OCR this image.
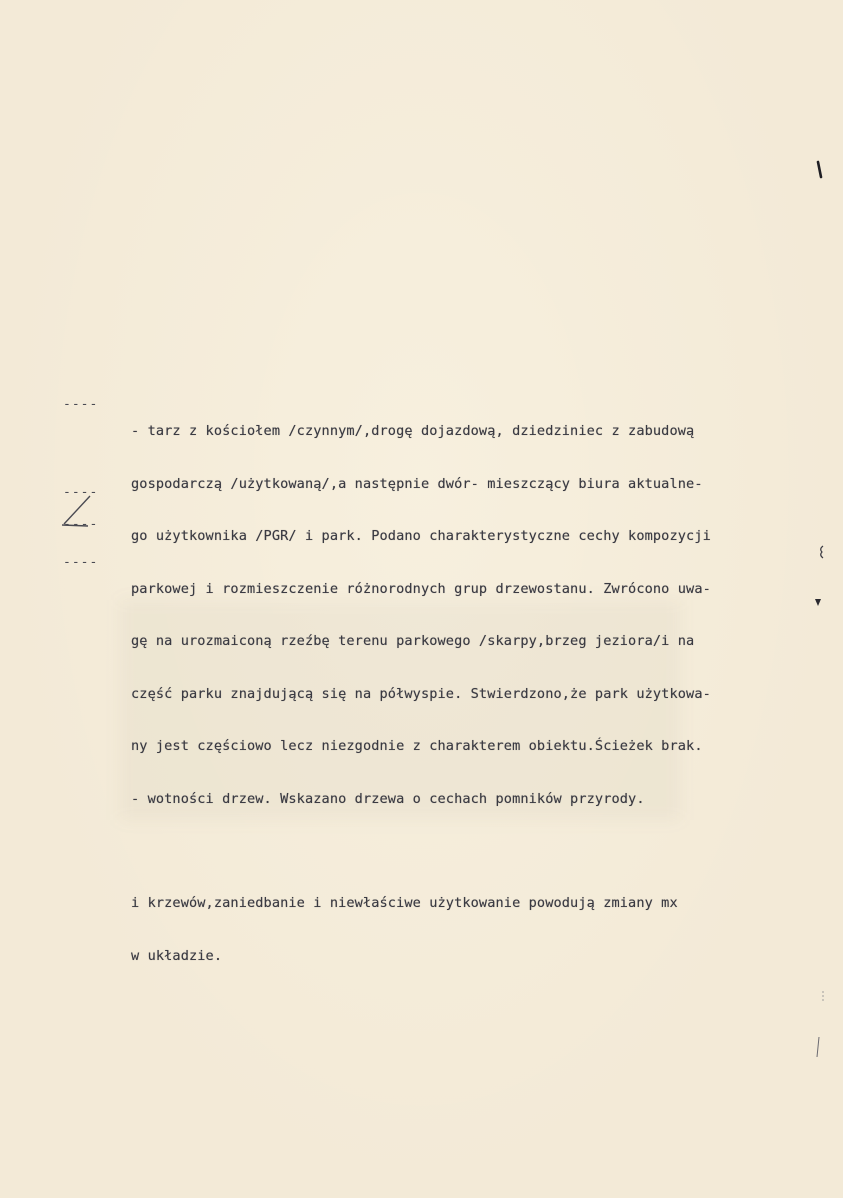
----
----
----
----

- tarz z kościołem /czynnym/,drogę dojazdową, dziedziniec z zabudową

gospodarczą /użytkowaną/,a następnie dwór- mieszczący biura aktualne-

go użytkownika /PGR/ i park. Podano charakterystyczne cechy kompozycji

parkowej i rozmieszczenie różnorodnych grup drzewostanu. Zwrócono uwa-

gę na urozmaiconą rzeźbę terenu parkowego /skarpy,brzeg jeziora/i na

część parku znajdującą się na półwyspie. Stwierdzono,że park użytkowa-

ny jest częściowo lecz niezgodnie z charakterem obiektu.Ścieżek brak.

- wotności drzew. Wskazano drzewa o cechach pomników przyrody.

i krzewów,zaniedbanie i niewłaściwe użytkowanie powodują zmiany mx

w układzie.
